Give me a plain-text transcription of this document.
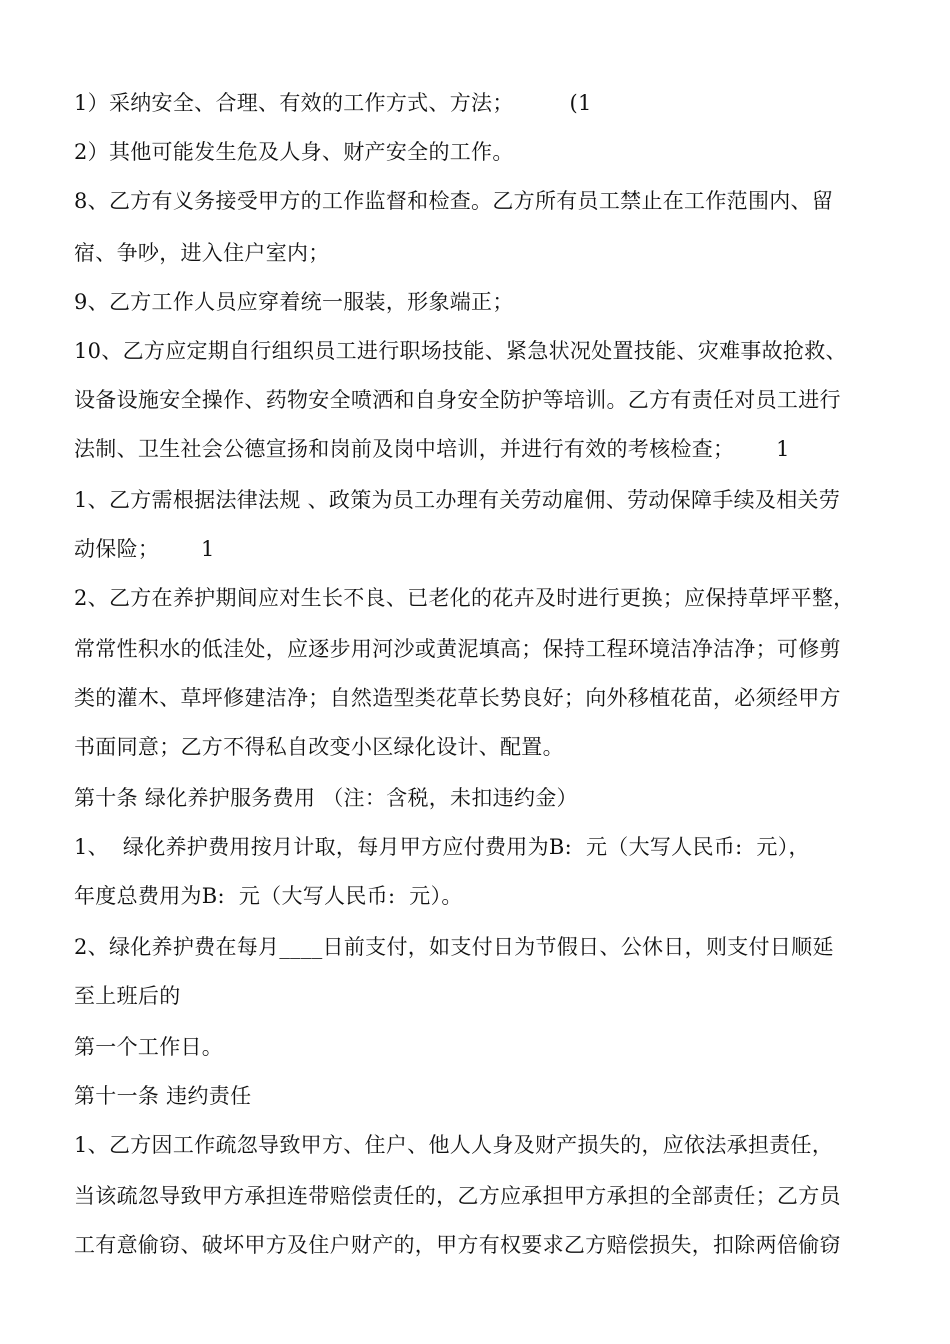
1）采纳安全、合理、有效的工作方式、方法；        (1
2）其他可能发生危及人身、财产安全的工作。
8、乙方有义务接受甲方的工作监督和检查。乙方所有员工禁止在工作范围内、留
宿、争吵，进入住户室内；
9、乙方工作人员应穿着统一服装，形象端正；
10、乙方应定期自行组织员工进行职场技能、紧急状况处置技能、灾难事故抢救、
设备设施安全操作、药物安全喷洒和自身安全防护等培训。乙方有责任对员工进行
法制、卫生社会公德宣扬和岗前及岗中培训，并进行有效的考核检查；      1
1、乙方需根据法律法规 、政策为员工办理有关劳动雇佣、劳动保障手续及相关劳
动保险；      1
2、乙方在养护期间应对生长不良、已老化的花卉及时进行更换；应保持草坪平整，
常常性积水的低洼处，应逐步用河沙或黄泥填高；保持工程环境洁净洁净；可修剪
类的灌木、草坪修建洁净；自然造型类花草长势良好；向外移植花苗，必须经甲方
书面同意；乙方不得私自改变小区绿化设计、配置。
第十条 绿化养护服务费用 （注：含税，未扣违约金）
1、  绿化养护费用按月计取，每月甲方应付费用为B:  元（大写人民币:  元），
年度总费用为B:  元（大写人民币:  元）。
2、绿化养护费在每月____日前支付，如支付日为节假日、公休日，则支付日顺延
至上班后的
第一个工作日。
第十一条 违约责任
1、乙方因工作疏忽导致甲方、住户、他人人身及财产损失的，应依法承担责任，
当该疏忽导致甲方承担连带赔偿责任的，乙方应承担甲方承担的全部责任；乙方员
工有意偷窃、破坏甲方及住户财产的，甲方有权要求乙方赔偿损失，扣除两倍偷窃
